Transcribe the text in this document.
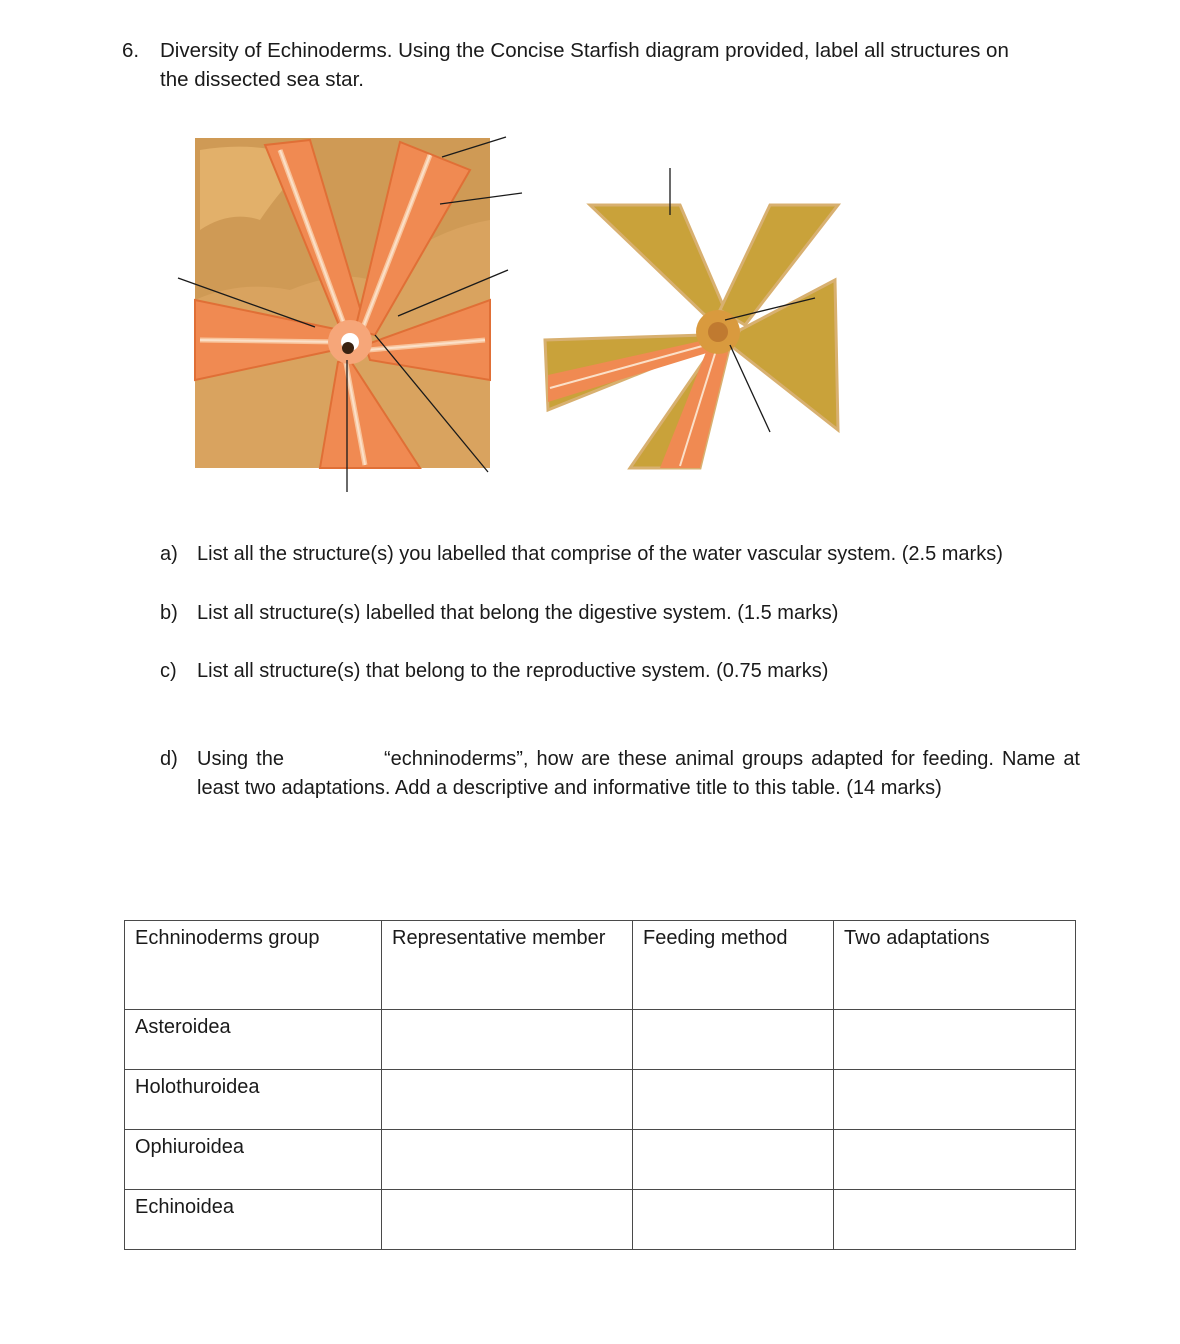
6. Diversity of Echinoderms. Using the Concise Starfish diagram provided, label all structures on
the dissected sea star.
a) List all the structure(s) you labelled that comprise of the water vascular system. (2.5 marks)
b) List all structure(s) labelled that belong the digestive system. (1.5 marks)
c) List all structure(s) that belong to the reproductive system. (0.75 marks)
d) Using the	“echninoderms”, how are these animal groups adapted for feeding. Name at least two adaptations. Add a descriptive and informative title to this table. (14 marks)
Echninoderms group	Representative member	Feeding method	Two adaptations
Asteroidea			
Holothuroidea			
Ophiuroidea			
Echinoidea			
